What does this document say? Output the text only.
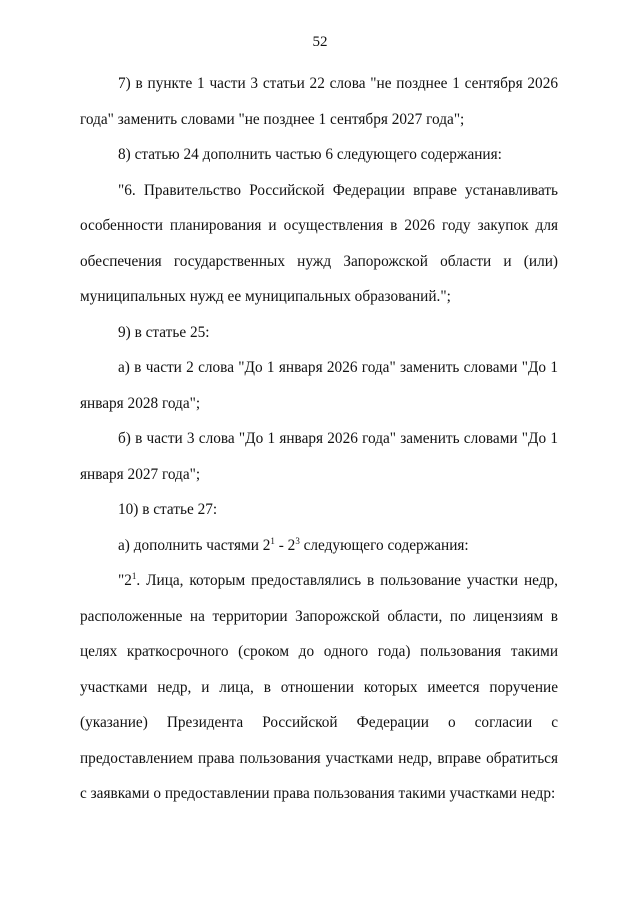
52

7) в пункте 1 части 3 статьи 22 слова "не позднее 1 сентября 2026 года" заменить словами "не позднее 1 сентября 2027 года";

8) статью 24 дополнить частью 6 следующего содержания:

"6. Правительство Российской Федерации вправе устанавливать особенности планирования и осуществления в 2026 году закупок для обеспечения государственных нужд Запорожской области и (или) муниципальных нужд ее муниципальных образований.";

9) в статье 25:

а) в части 2 слова "До 1 января 2026 года" заменить словами "До 1 января 2028 года";

б) в части 3 слова "До 1 января 2026 года" заменить словами "До 1 января 2027 года";

10) в статье 27:

а) дополнить частями $2^1 - 2^3$ следующего содержания:

"$2^1$. Лица, которым предоставлялись в пользование участки недр, расположенные на территории Запорожской области, по лицензиям в целях краткосрочного (сроком до одного года) пользования такими участками недр, и лица, в отношении которых имеется поручение (указание) Президента Российской Федерации о согласии с предоставлением права пользования участками недр, вправе обратиться с заявками о предоставлении права пользования такими участками недр:
